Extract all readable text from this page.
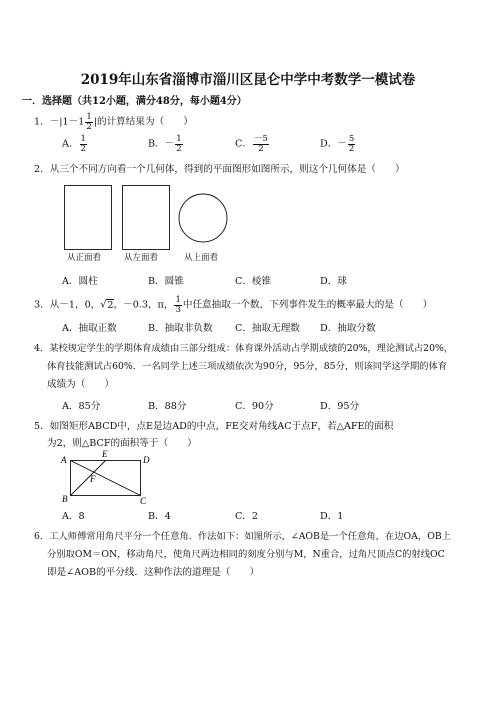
2019年山东省淄博市淄川区昆仑中学中考数学一模试卷
一．选择题（共12小题，满分48分，每小题4分）
1．$-|1-1 \frac{1}{2}$ |的计算结果为（　　）
A． $\frac{1}{2}$	B．－ $\frac{1}{2}$	C． $\frac{-5}{2}$	D．－ $\frac{5}{2}$
2．从三个不同方向看一个几何体，得到的平面图形如图所示，则这个几何体是（　　）
从正面看	从左面看	从上面看
A．圆柱	B．圆锥	C．棱锥	D．球
3．从－1，0，√2，－0.3，π， $\frac{1}{3}$ 中任意抽取一个数，下列事件发生的概率最大的是（　　）
A．抽取正数	B．抽取非负数 C．抽取无理数 D．抽取分数
4．某校规定学生的学期体育成绩由三部分组成：体育课外活动占学期成绩的20%，理论测试占20%，
体育技能测试占60%．一名同学上述三项成绩依次为90分，95分，85分，则该同学这学期的体育
成绩为（　　）
A．85分	B．88分	C．90分	D．95分
5．如图矩形ABCD中，点E是边AD的中点，FE交对角线AC于点F，若△AFE的面积
为2，则△BCF的面积等于（　　）
A
E
D
F
B	C
A．8	B．4	C．2	D．1
6．工人师傅常用角尺平分一个任意角．作法如下：如图所示，∠AOB是一个任意角，在边OA，OB上
分别取OM＝ON，移动角尺，使角尺两边相同的刻度分别与M，N重合，过角尺顶点C的射线OC
即是∠AOB的平分线．这种作法的道理是（　　）
